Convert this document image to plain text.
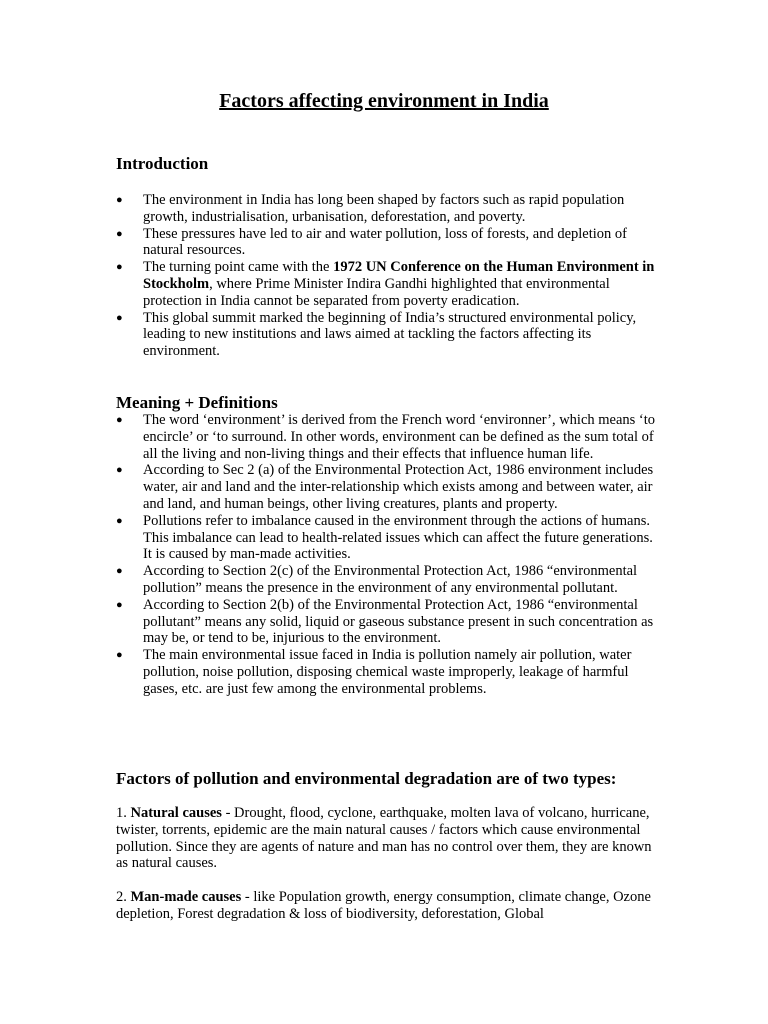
Factors affecting environment in India
Introduction
● The environment in India has long been shaped by factors such as rapid population growth, industrialisation, urbanisation, deforestation, and poverty.
● These pressures have led to air and water pollution, loss of forests, and depletion of natural resources.
● The turning point came with the 1972 UN Conference on the Human Environment in Stockholm, where Prime Minister Indira Gandhi highlighted that environmental protection in India cannot be separated from poverty eradication.
● This global summit marked the beginning of India’s structured environmental policy, leading to new institutions and laws aimed at tackling the factors affecting its environment.
Meaning + Definitions
● The word ‘environment’ is derived from the French word ‘environner’, which means ‘to encircle’ or ‘to surround. In other words, environment can be defined as the sum total of all the living and non-living things and their effects that influence human life.
● According to Sec 2 (a) of the Environmental Protection Act, 1986 environment includes water, air and land and the inter-relationship which exists among and between water, air and land, and human beings, other living creatures, plants and property.
● Pollutions refer to imbalance caused in the environment through the actions of humans. This imbalance can lead to health-related issues which can affect the future generations. It is caused by man-made activities.
● According to Section 2(c) of the Environmental Protection Act, 1986 “environmental pollution” means the presence in the environment of any environmental pollutant.
● According to Section 2(b) of the Environmental Protection Act, 1986 “environmental pollutant” means any solid, liquid or gaseous substance present in such concentration as may be, or tend to be, injurious to the environment.
● The main environmental issue faced in India is pollution namely air pollution, water pollution, noise pollution, disposing chemical waste improperly, leakage of harmful gases, etc. are just few among the environmental problems.
Factors of pollution and environmental degradation are of two types:

1. Natural causes - Drought, flood, cyclone, earthquake, molten lava of volcano, hurricane, twister, torrents, epidemic are the main natural causes / factors which cause environmental pollution. Since they are agents of nature and man has no control over them, they are known as natural causes.

2. Man-made causes - like Population growth, energy consumption, climate change, Ozone depletion, Forest degradation & loss of biodiversity, deforestation, Global
